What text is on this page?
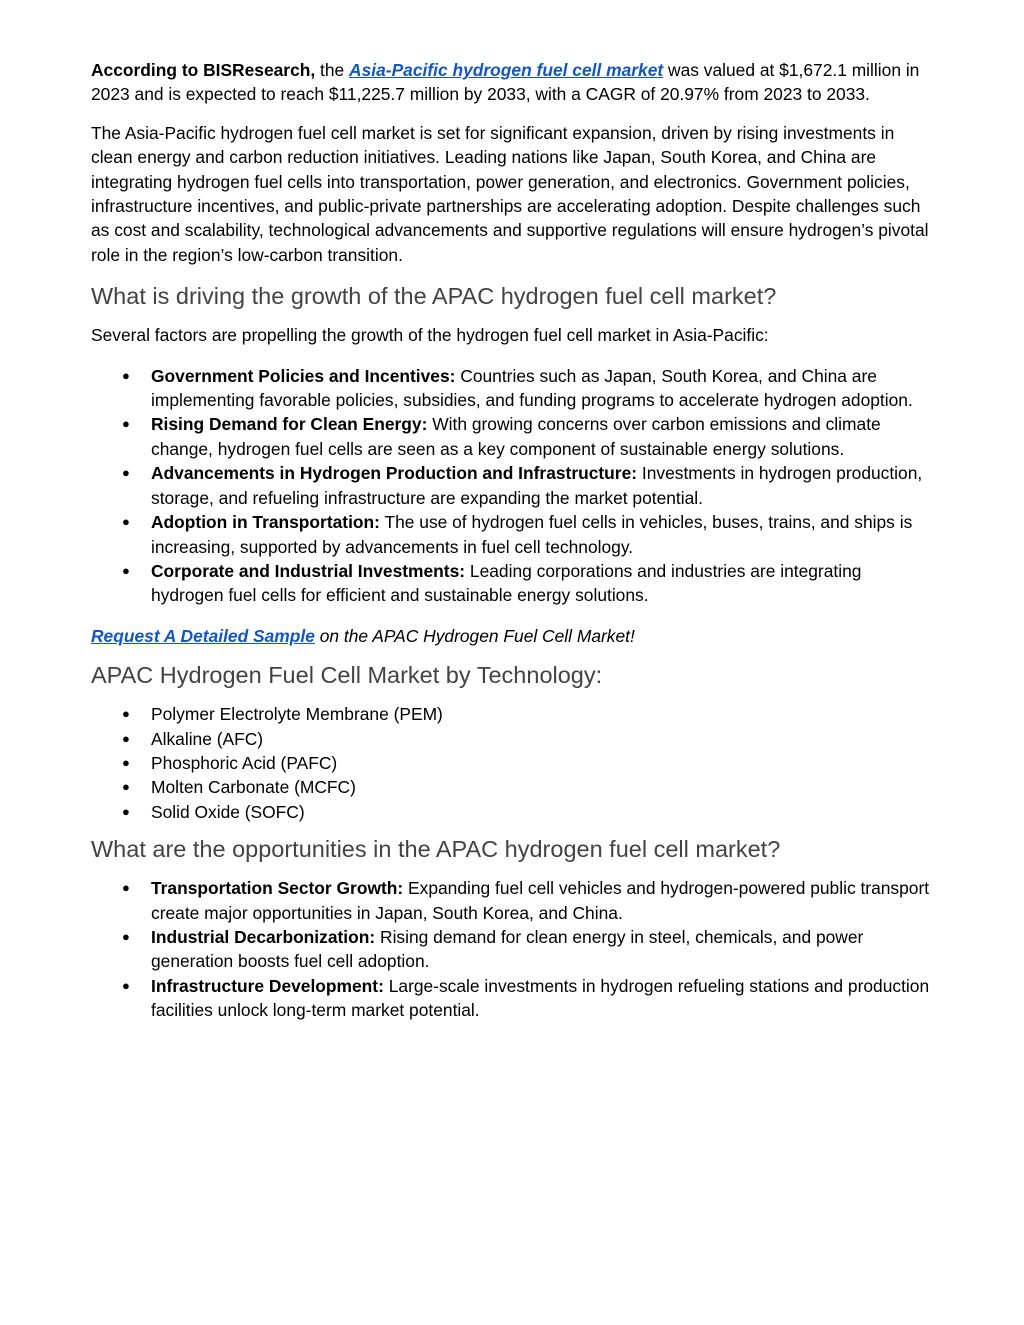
According to BISResearch, the Asia-Pacific hydrogen fuel cell market was valued at $1,672.1 million in 2023 and is expected to reach $11,225.7 million by 2033, with a CAGR of 20.97% from 2023 to 2033.

The Asia-Pacific hydrogen fuel cell market is set for significant expansion, driven by rising investments in clean energy and carbon reduction initiatives. Leading nations like Japan, South Korea, and China are integrating hydrogen fuel cells into transportation, power generation, and electronics. Government policies, infrastructure incentives, and public-private partnerships are accelerating adoption. Despite challenges such as cost and scalability, technological advancements and supportive regulations will ensure hydrogen’s pivotal role in the region’s low-carbon transition.

What is driving the growth of the APAC hydrogen fuel cell market?

Several factors are propelling the growth of the hydrogen fuel cell market in Asia-Pacific:

● Government Policies and Incentives: Countries such as Japan, South Korea, and China are implementing favorable policies, subsidies, and funding programs to accelerate hydrogen adoption.
● Rising Demand for Clean Energy: With growing concerns over carbon emissions and climate change, hydrogen fuel cells are seen as a key component of sustainable energy solutions.
● Advancements in Hydrogen Production and Infrastructure: Investments in hydrogen production, storage, and refueling infrastructure are expanding the market potential.
● Adoption in Transportation: The use of hydrogen fuel cells in vehicles, buses, trains, and ships is increasing, supported by advancements in fuel cell technology.
● Corporate and Industrial Investments: Leading corporations and industries are integrating hydrogen fuel cells for efficient and sustainable energy solutions.

Request A Detailed Sample on the APAC Hydrogen Fuel Cell Market!

APAC Hydrogen Fuel Cell Market by Technology:
● Polymer Electrolyte Membrane (PEM)
● Alkaline (AFC)
● Phosphoric Acid (PAFC)
● Molten Carbonate (MCFC)
● Solid Oxide (SOFC)
What are the opportunities in the APAC hydrogen fuel cell market?
● Transportation Sector Growth: Expanding fuel cell vehicles and hydrogen-powered public transport create major opportunities in Japan, South Korea, and China.
● Industrial Decarbonization: Rising demand for clean energy in steel, chemicals, and power generation boosts fuel cell adoption.
● Infrastructure Development: Large-scale investments in hydrogen refueling stations and production facilities unlock long-term market potential.
